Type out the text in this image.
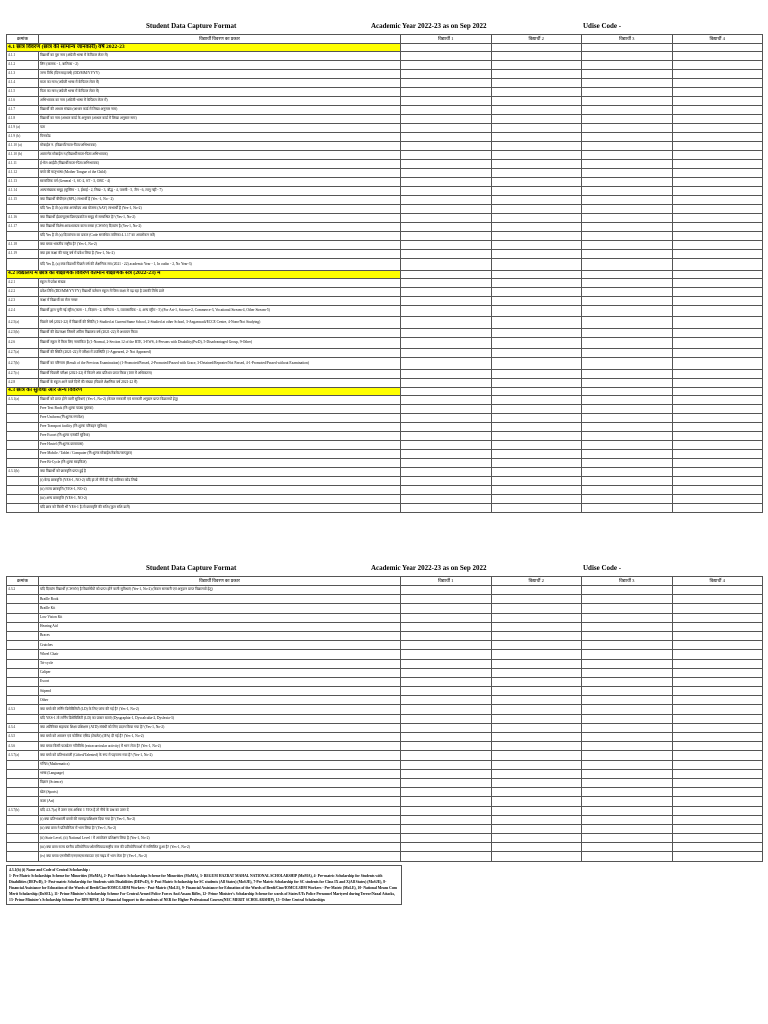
Student Data Capture Format	Academic Year 2022-23 as on Sep 2022	Udise Code -
क्रमांक	विद्यार्थी विवरण का प्रकार	विद्यार्थी 1	विद्यार्थी 2	विद्यार्थी 3	विद्यार्थी 4
4.1 छात्र विवरण (छात्र की सामान्य जानकारी) वर्ष 2022-23					
4.1.1	विद्यार्थी का पूरा नाम (अंग्रेजी भाषा में केपिटल लेटर में)				
4.1.2	लिंग (बालक - 1, बालिका - 2)				
4.1.3	जन्म तिथि (दिन/माह/वर्ष) (DD/MM/YYYY)				
4.1.4	माता का नाम (अंग्रेजी भाषा में केपिटल लेटर में)				
4.1.5	पिता का नाम (अंग्रेजी भाषा में केपिटल लेटर में)				
4.1.6	अभिभावक का नाम (अंग्रेजी भाषा में केपिटल लेटर में)				
4.1.7	विद्यार्थी की आधार संख्या (आधार कार्ड में लिखा अनुसार नाम)				
4.1.8	विद्यार्थी का नाम (आधार कार्ड के अनुसार (आधार कार्ड में लिखा अनुसार नाम)				
4.1.9 (a)	पता				
4.1.9 (b)	पिनकोड				
4.1.10 (a)	मोबाईल न. (विद्यार्थी/माता-पिता/अभिभावक)				
4.1.10 (b)	अल्टरनेट मोबाईल न.(विद्यार्थी/माता-पिता/अभिभावक)				
4.1.11	ई-मेल आईडी (विद्यार्थी/माता-पिता/अभिभावक)				
4.1.12	बच्चे की मातृभाषा (Mother Tongue of the Child)				
4.1.13	सामाजिक वर्ग (General -1, SC-2, ST - 3, OBC - 4)				
4.1.14	अल्पसंख्यक समूह (मुस्लिम - 1, ईसाई - 2, सिख - 3, बौद्ध - 4, पारसी - 5, जैन - 6, लागू नहीं - 7)				
4.1.15	क्या विद्यार्थी बीपीएल (BPL) लाभार्थी है (Yes -1, No - 2)				
	यदि Yes है तो (a) क्या अन्त्योदय अन्न योजना (AAY) लाभार्थी है (Yes-1, No-2)				
4.1.16	क्या विद्यार्थी ईडब्ल्यूएस/डिसएडवांटेज समूह से सम्बन्धित है? (Yes-1, No-2)				
4.1.17	क्या विद्यार्थी विशेष आवश्यकता वाला बच्चा (CWSN) दिव्यांग है (Yes-1, No-2)				
	यदि Yes है तो (a) दिव्यांगता का प्रकार (Code सम्बंधित तालिका 4.1.17 का अवलोकन करें)				
4.1.18	क्या बच्चा भारतीय राष्ट्रीय है? (Yes-1, No-2)				
4.1.19	क्या इस कक्षा की चालू वर्ष में प्रवेश लिया है (Yes-1, No-2)				
	यदि Yes है, (a) क्या विद्यार्थी पिछले वर्ष की शैक्षणिक सत्र (2021 - 22) academic Year - 1, In outbo - 2, No Year-3)				
4.2 विद्यालय में छात्र का शैक्षणिक विवरण वर्तमान शैक्षणिक सत्र (2022-23) में					
4.2.1	स्कूल में प्रवेश संख्या				
4.2.2	प्रवेश तिथि (DD/MM/YYYY) विद्यार्थी वर्तमान स्कूल में जिस कक्षा में पढ़ रहा है उसकी तिथि डाले				
4.2.3	कक्षा में विद्यार्थी का रोल नम्बर				
4.2.4	विद्यार्थी द्वारा चुनी गई स्ट्रीम (कला - 1, विज्ञान - 2, वाणिज्य - 3, व्यावसायिक - 4, अन्य स्ट्रीम - 5) (For Art-1, Science-2, Commerce-3, Vocational Stream-4, Other Stream-5)				
4.2.5(a)	पिछले वर्ष (2021-22) में विद्यार्थी की स्थिति (1-Studied at Current/Same School, 2-Studied at other School, 3-Anganwadi/ECCE Centre, 4-None/Not Studying)				
4.2.5(b)	विद्यार्थी की ग्रेड/कक्षा जिसमें अंतिम विद्यालय वर्ष (2021-22) में अध्ययन किया				
4.2.6	विद्यार्थी स्कूल में किस लिए नामांकित है (1-Normal, 2-Section 12 of the RTE, 3-EWS, 4-Persons with Disability(PwD), 5-Disadvantaged Group, 9-Other)				
4.2.7(a)	विद्यार्थी की स्थिति (2021-22) में परीक्षा में उपस्थिति (1-Appeared, 2- Not Appeared)				
4.2.7(b)	विद्यार्थी का परिणाम (Result of the Previous Examination) (1-Promoted/Passed, 2-Promoted/Passed with Grace, 3-Detained/Repeater/Not Passed, 4-1-Promoted/Passed without Examination)				
4.2.7(c)	विद्यार्थी पिछली परीक्षा (2021-22) में कितने अंक प्रतिशत प्राप्त किया (100 में अधिकतम)				
4.2.8	विद्यार्थी के स्कूल आने वाले दिनों की संख्या (पिछले शैक्षणिक वर्ष 2021-22 में)				
4.3 छात्र की सुविधा और अन्य विवरण					
4.3.1(a)	विद्यार्थी को प्राप्त होने वाली सुविधाएं (Yes-1, No-2) (केवल सरकारी एवं सरकारी अनुदान प्राप्त विद्यालयों हेतु)				
	Free Text Book (नि:शुल्क पाठ्य पुस्तक)				
	Free Uniform (नि:शुल्क गणवेश)				
	Free Transport facility (नि:शुल्क परिवहन सुविधा)				
	Free Escort (नि:शुल्क एस्कॉर्ट सुविधा)				
	Free Hostel (नि:शुल्क छात्रावास)				
	Free Mobile / Tablet / Computer (नि:शुल्क मोबाईल/टेबलेट/कम्प्यूटर)				
	Free Bi-Cycle (नि:शुल्क साइकिल)				
4.3.1(b)	क्या विद्यार्थी को छात्रवृत्ति प्राप्त हुई है				
	(i) केन्द्र छात्रवृत्ति (YES-1, NO-2) यदि हां तो नीचे दी गई तालिका कोड लिखे				
	(ii) राज्य छात्रवृत्ति (YES-1, NO-2)				
	(iii) अन्य छात्रवृत्ति (YES-1, NO-2)				
	यदि छात्र को किसी भी YES-1 है तो छात्रवृत्ति की राशि (कुल राशि डालें)				
Student Data Capture Format	Academic Year 2022-23 as on Sep 2022	Udise Code -
क्रमांक	विद्यार्थी विवरण का प्रकार	विद्यार्थी 1	विद्यार्थी 2	विद्यार्थी 3	विद्यार्थी 4
4.3.2	यदि दिव्यांग विद्यार्थी (CWSN) है विद्यार्थियों को प्राप्त होने वाली सुविधाएं (Yes-1, No-2) (केवल सरकारी एवं अनुदान प्राप्त विद्यालयों हेतु)				
	Braille Book				
	Braille Kit				
	Low Vision Kit				
	Hearing Aid				
	Braces				
	Crutches				
	Wheel Chair				
	Tri-cycle				
	Caliper				
	Escort				
	Stipend				
	Other				
4.3.3	क्या बच्चे की लर्निंग डिसेबिलिटी (LD) के लिए जांच की गई है? (Yes-1, No-2)				
	यदि YES-1 तो लर्निंग डिसेबिलिटी (LD) का प्रकार बताएं (Dysgraphia-1, Dyscalculia-2, Dyslexia-3)				
4.3.4	क्या अतिरिक्त सहायक शिक्षा प्रशिक्षण (ATD) संबंधी को लिए प्रदान किया गया है? (Yes-1, No-2)				
4.3.5	क्या बच्चे को आयरन एवं फोलिक एसिड (टेबलेट) (IFA) दी गई है? (Yes-1, No-2)				
4.3.6	क्या बच्चा किसी पाठ्येतर गतिविधि (extracurricular activity) में भाग लेता है? (Yes-1, No-2)				
4.3.7(a)	क्या बच्चे को प्रतिभाशाली (Gifted/Talented) के रूप में पहचाना गया है? (Yes-1, No-2)				
	गणित (Mathematics)				
	भाषा (Language)				
	विज्ञान (Science)				
	खेल (Sports)				
	कला (Art)				
4.3.7(b)	यदि 4.3.7(a) में उत्तर एक अधिक 1 YES है तो नीचे के प्रश्न का उत्तर दें				
	(i) क्या प्रतिभाशाली छात्रों की सलाह/प्रशिक्षण दिया गया है? (Yes-1, No-2)				
	(ii) क्या छात्र ने प्रतियोगिता में भाग लिया है? (Yes-1, No-2)				
	(ii) State Level, (ii) National Level / में आयोजन प्रशिक्षण लिया है (Yes-1, No-2)				
	(iii) क्या छात्र राज्य स्तरीय प्रतियोगिता/ओलम्पियाड/राष्ट्रीय स्तर की प्रतियोगिताओं में सम्मिलित हुआ है? (Yes-1, No-2)				
	(iv) क्या बच्चा एनसीसी/एनएसएस/स्काउट एवं गाइड में भाग लेता है? (Yes-1, No-2)				
4.3.1(b) (i) Name and Code of Central Scholarship :
1- Pre Matric Scholarships Scheme for Minorities (MoMA), 2- Post Matric Scholarships Scheme for Minorities (MoMA), 3- BEGUM HAZRAT MAHAL NATIONAL SCHOLARSHIP (MoMA), 4- Pre-matric Scholarship for Students with Disabilities (DEPwD), 5- Post-matric Scholarship for Students with Disabilities (DEPwD), 6- Post Matric Scholarship for SC students (All States) (MoSJE), 7-Pre Matric Scholarship for SC students for Class IX and X(All States) (MoSJE), 8-Financial Assistance for Education of the Wards of Beedi/Cine/IOMC/LSDM Workers - Post-Matric (MoLE), 9- Financial Assistance for Education of the Wards of Beedi/Cine/IOMC/LSDM Workers - Pre-Matric (MoLE), 10- National Means Cum Merit Scholarship (DoSEL), 11- Prime Minister's Scholarship Scheme For Central Armed Police Forces And Assam Rifles, 12- Prime Minister's Scholarship Scheme for wards of States/UTs Police Personnel Martyred during Terror/Naxal Attacks, 13- Prime Minister's Scholarship Scheme For RPF/RPSF, 14- Financial Support to the students of NER for Higher Professional Courses(NEC MERIT SCHOLARSHIP), 15- Other Central Scholarships
